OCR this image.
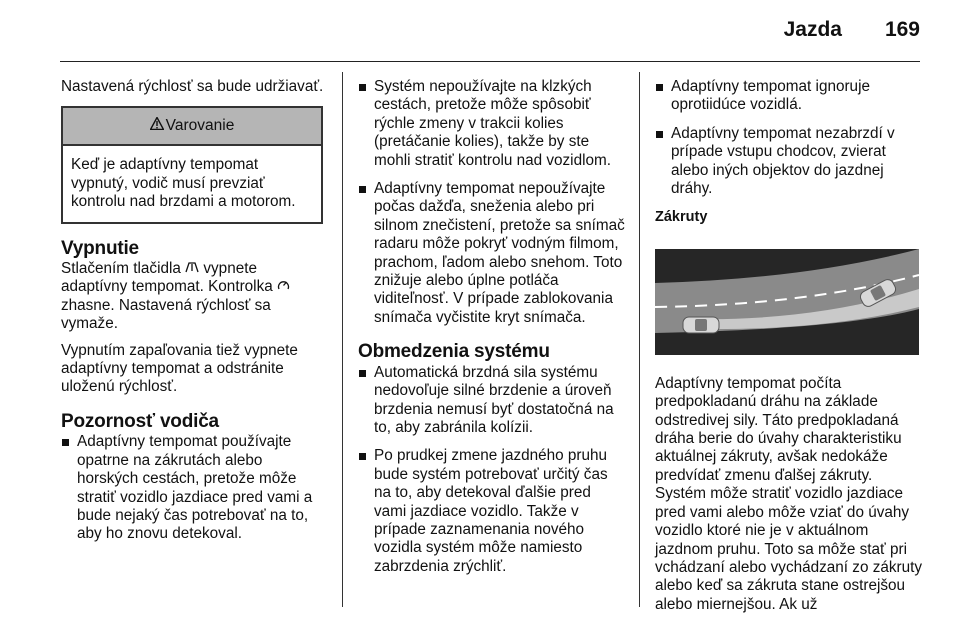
Jazda 169

Nastavená rýchlosť sa bude udržiavať.

Varovanie
Keď je adaptívny tempomat vypnutý, vodič musí prevziať kontrolu nad brzdami a motorom.
Vypnutie

Stlačením tlačidla  vypnete adaptívny tempomat. Kontrolka  zhasne. Nastavená rýchlosť sa vymaže.

Vypnutím zapaľovania tiež vypnete adaptívny tempomat a odstránite uloženú rýchlosť.

Pozornosť vodiča
Adaptívny tempomat používajte opatrne na zákrutách alebo horských cestách, pretože môže stratiť vozidlo jazdiace pred vami a bude nejaký čas potrebovať na to, aby ho znovu detekoval.
Systém nepoužívajte na klzkých cestách, pretože môže spôsobiť rýchle zmeny v trakcii kolies (pretáčanie kolies), takže by ste mohli stratiť kontrolu nad vozidlom.
Adaptívny tempomat nepoužívajte počas dažďa, sneženia alebo pri silnom znečistení, pretože sa snímač radaru môže pokryť vodným filmom, prachom, ľadom alebo snehom. Toto znižuje alebo úplne potláča viditeľnosť. V prípade zablokovania snímača vyčistite kryt snímača.
Obmedzenia systému
Automatická brzdná sila systému nedovoľuje silné brzdenie a úroveň brzdenia nemusí byť dostatočná na to, aby zabránila kolízii.
Po prudkej zmene jazdného pruhu bude systém potrebovať určitý čas na to, aby detekoval ďalšie pred vami jazdiace vozidlo. Takže v prípade zaznamenania nového vozidla systém môže namiesto zabrzdenia zrýchliť.
Adaptívny tempomat ignoruje oprotiidúce vozidlá.
Adaptívny tempomat nezabrzdí v prípade vstupu chodcov, zvierat alebo iných objektov do jazdnej dráhy.
Zákruty

Adaptívny tempomat počíta predpokladanú dráhu na základe odstredivej sily. Táto predpokladaná dráha berie do úvahy charakteristiku aktuálnej zákruty, avšak nedokáže predvídať zmenu ďalšej zákruty. Systém môže stratiť vozidlo jazdiace pred vami alebo môže vziať do úvahy vozidlo ktoré nie je v aktuálnom jazdnom pruhu. Toto sa môže stať pri vchádzaní alebo vychádzaní zo zákruty alebo keď sa zákruta stane ostrejšou alebo miernejšou. Ak už
